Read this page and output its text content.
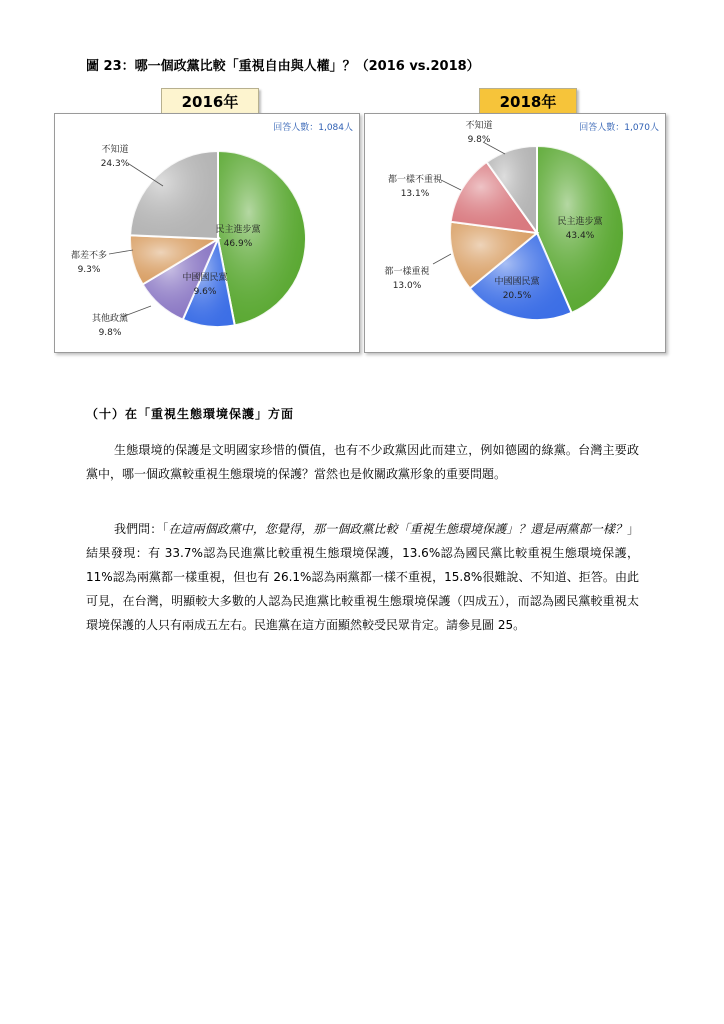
圖 23：哪一個政黨比較「重視自由與人權」？（2016 vs.2018）
2016年	2018年
民主進步黨
46.9%
中國國民黨
9.6%
其他政黨
9.8%
都差不多
9.3%
不知道
24.3%
回答人數：1,084人
民主進步黨
43.4%
中國國民黨
20.5%
都一樣重視
13.0%
都一樣不重視
13.1%
不知道
9.8%
回答人數：1,070人
（十）在「重視生態環境保護」方面
生態環境的保護是文明國家珍惜的價值，也有不少政黨因此而建立，例如德國的綠黨。台灣主要政黨中，哪一個政黨較重視生態環境的保護？當然也是攸關政黨形象的重要問題。
我們問：「在這兩個政黨中，您覺得，那一個政黨比較「重視生態環境保護」？還是兩黨都一樣？」結果發現：有 33.7%認為民進黨比較重視生態環境保護，13.6%認為國民黨比較重視生態環境保護，11%認為兩黨都一樣重視，但也有 26.1%認為兩黨都一樣不重視，15.8%很難說、不知道、拒答。由此可見，在台灣，明顯較大多數的人認為民進黨比較重視生態環境保護（四成五），而認為國民黨較重視太環境保護的人只有兩成五左右。民進黨在這方面顯然較受民眾肯定。請參見圖 25。
